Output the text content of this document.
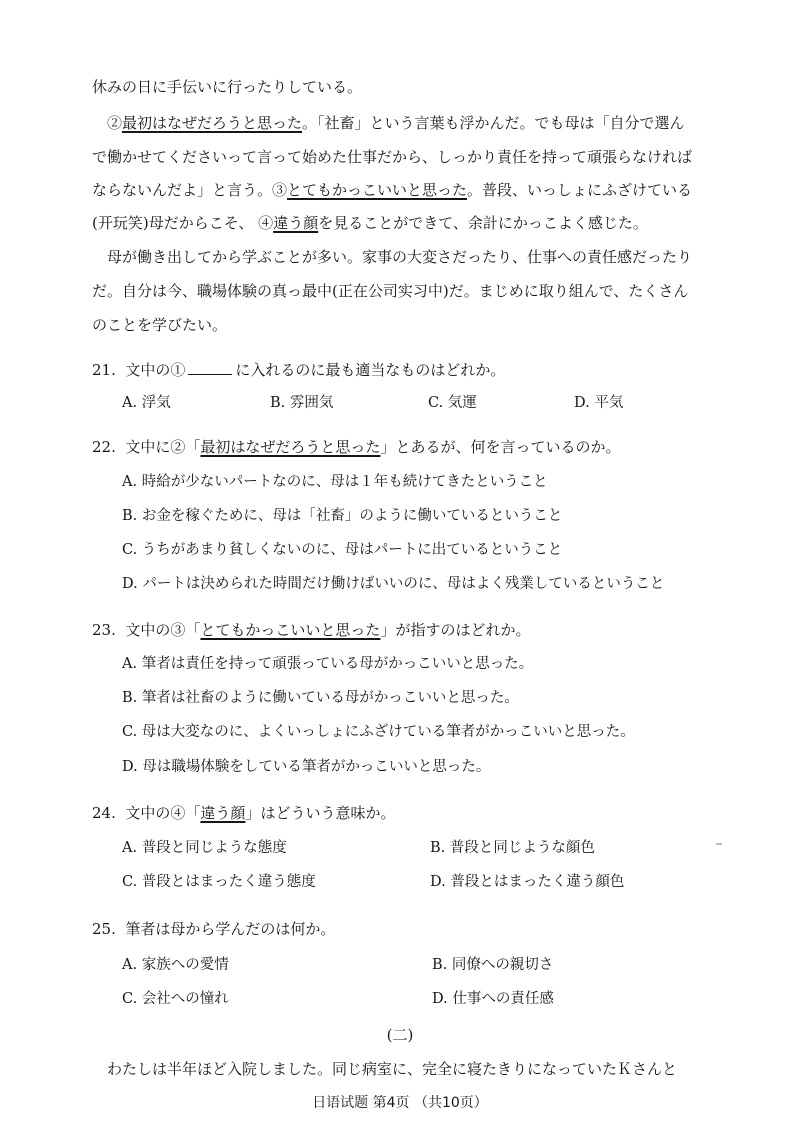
休みの日に手伝いに行ったりしている。
②最初はなぜだろうと思った。「社畜」という言葉も浮かんだ。でも母は「自分で選ん
で働かせてくださいって言って始めた仕事だから、しっかり責任を持って頑張らなければ
ならないんだよ」と言う。③とてもかっこいいと思った。普段、いっしょにふざけている
(开玩笑)母だからこそ、 ④違う顔を見ることができて、余計にかっこよく感じた。
母が働き出してから学ぶことが多い。家事の大変さだったり、仕事への責任感だったり
だ。自分は今、職場体験の真っ最中(正在公司实习中)だ。まじめに取り組んで、たくさん
のことを学びたい。
21. 文中の①	に入れるのに最も適当なものはどれか。
A. 浮気	B. 雰囲気	C. 気運	D. 平気
22. 文中に②「最初はなぜだろうと思った」とあるが、何を言っているのか。
A. 時給が少ないパートなのに、母は１年も続けてきたということ
B. お金を稼ぐために、母は「社畜」のように働いているということ
C. うちがあまり貧しくないのに、母はパートに出ているということ
D. パートは決められた時間だけ働けばいいのに、母はよく残業しているということ
23. 文中の③「とてもかっこいいと思った」が指すのはどれか。
A. 筆者は責任を持って頑張っている母がかっこいいと思った。
B. 筆者は社畜のように働いている母がかっこいいと思った。
C. 母は大変なのに、よくいっしょにふざけている筆者がかっこいいと思った。
D. 母は職場体験をしている筆者がかっこいいと思った。
24. 文中の④「違う顔」はどういう意味か。
A. 普段と同じような態度	B. 普段と同じような顔色
C. 普段とはまったく違う態度	D. 普段とはまったく違う顔色
25. 筆者は母から学んだのは何か。
A. 家族への愛情	B. 同僚への親切さ
C. 会社への憧れ	D. 仕事への責任感
(二)
わたしは半年ほど入院しました。同じ病室に、完全に寝たきりになっていたＫさんと
日语试题 第4页 （共10页）
